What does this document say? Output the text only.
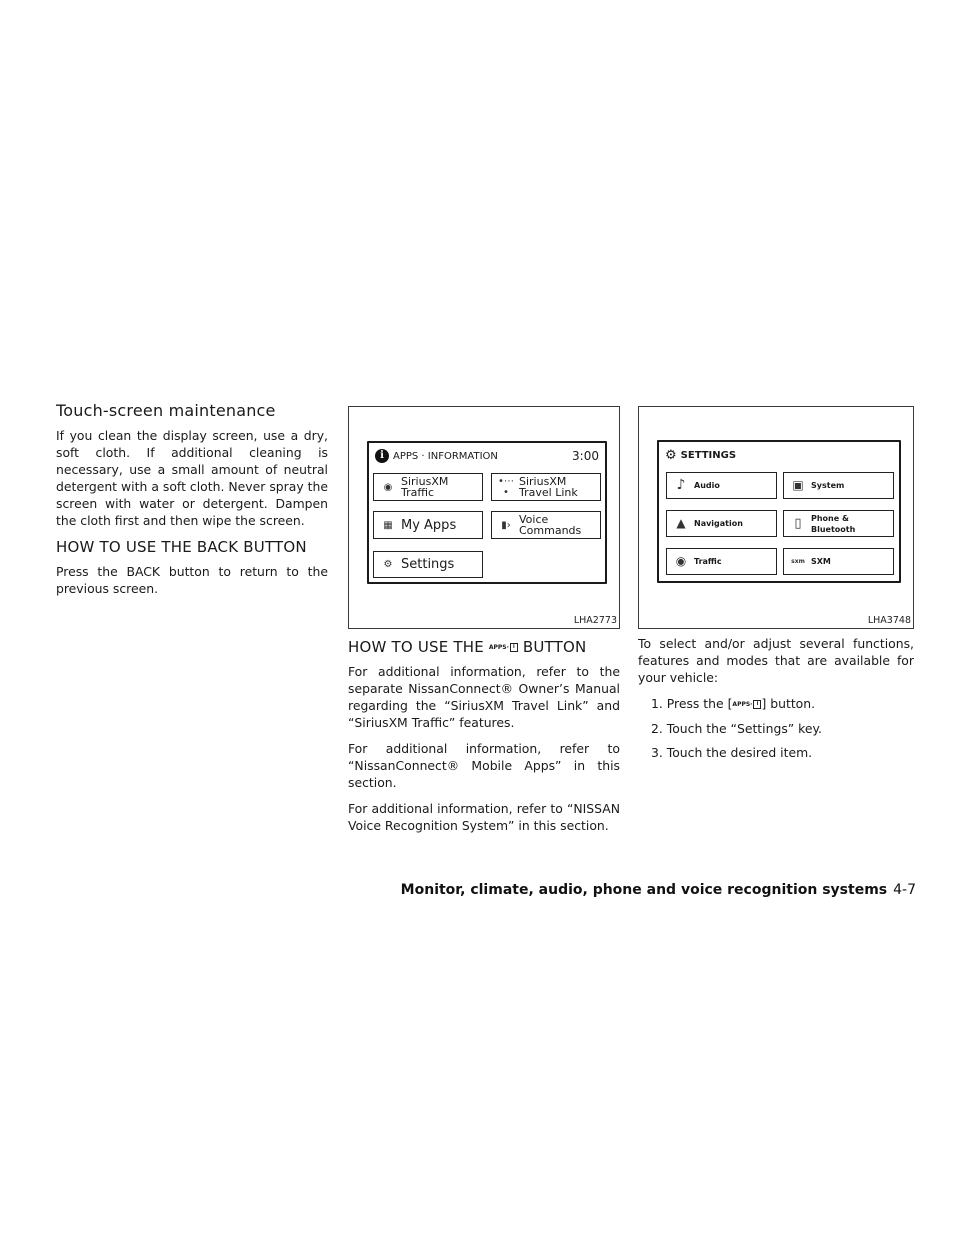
Touch-screen maintenance

If you clean the display screen, use a dry, soft cloth. If additional cleaning is necessary, use a small amount of neutral detergent with a soft cloth. Never spray the screen with water or detergent. Dampen the cloth first and then wipe the screen.

HOW TO USE THE BACK BUTTON

Press the BACK button to return to the previous screen.

i APPS · INFORMATION	3:00
◉ SiriusXM
Traffic
•⋯•
SiriusXM
Travel Link
▦ My Apps	▮› Voice
Commands
⚙ Settings
LHA2773
HOW TO USE THE APPS· i BUTTON

For additional information, refer to the separate NissanConnect® Owner’s Manual regarding the “SiriusXM Travel Link” and “SiriusXM Traffic” features.

For additional information, refer to “NissanConnect® Mobile Apps” in this section.

For additional information, refer to “NISSAN Voice Recognition System” in this section.

⚙ SETTINGS
♪	Audio	▣ System
▲	Navigation	▯	Phone &
Bluetooth
◉ Traffic	sxm SXM
LHA3748

To select and/or adjust several functions, features and modes that are available for your vehicle:

1. Press the [APPS· i ] button.
2. Touch the “Settings” key.
3. Touch the desired item.
Monitor, climate, audio, phone and voice recognition systems 4-7
